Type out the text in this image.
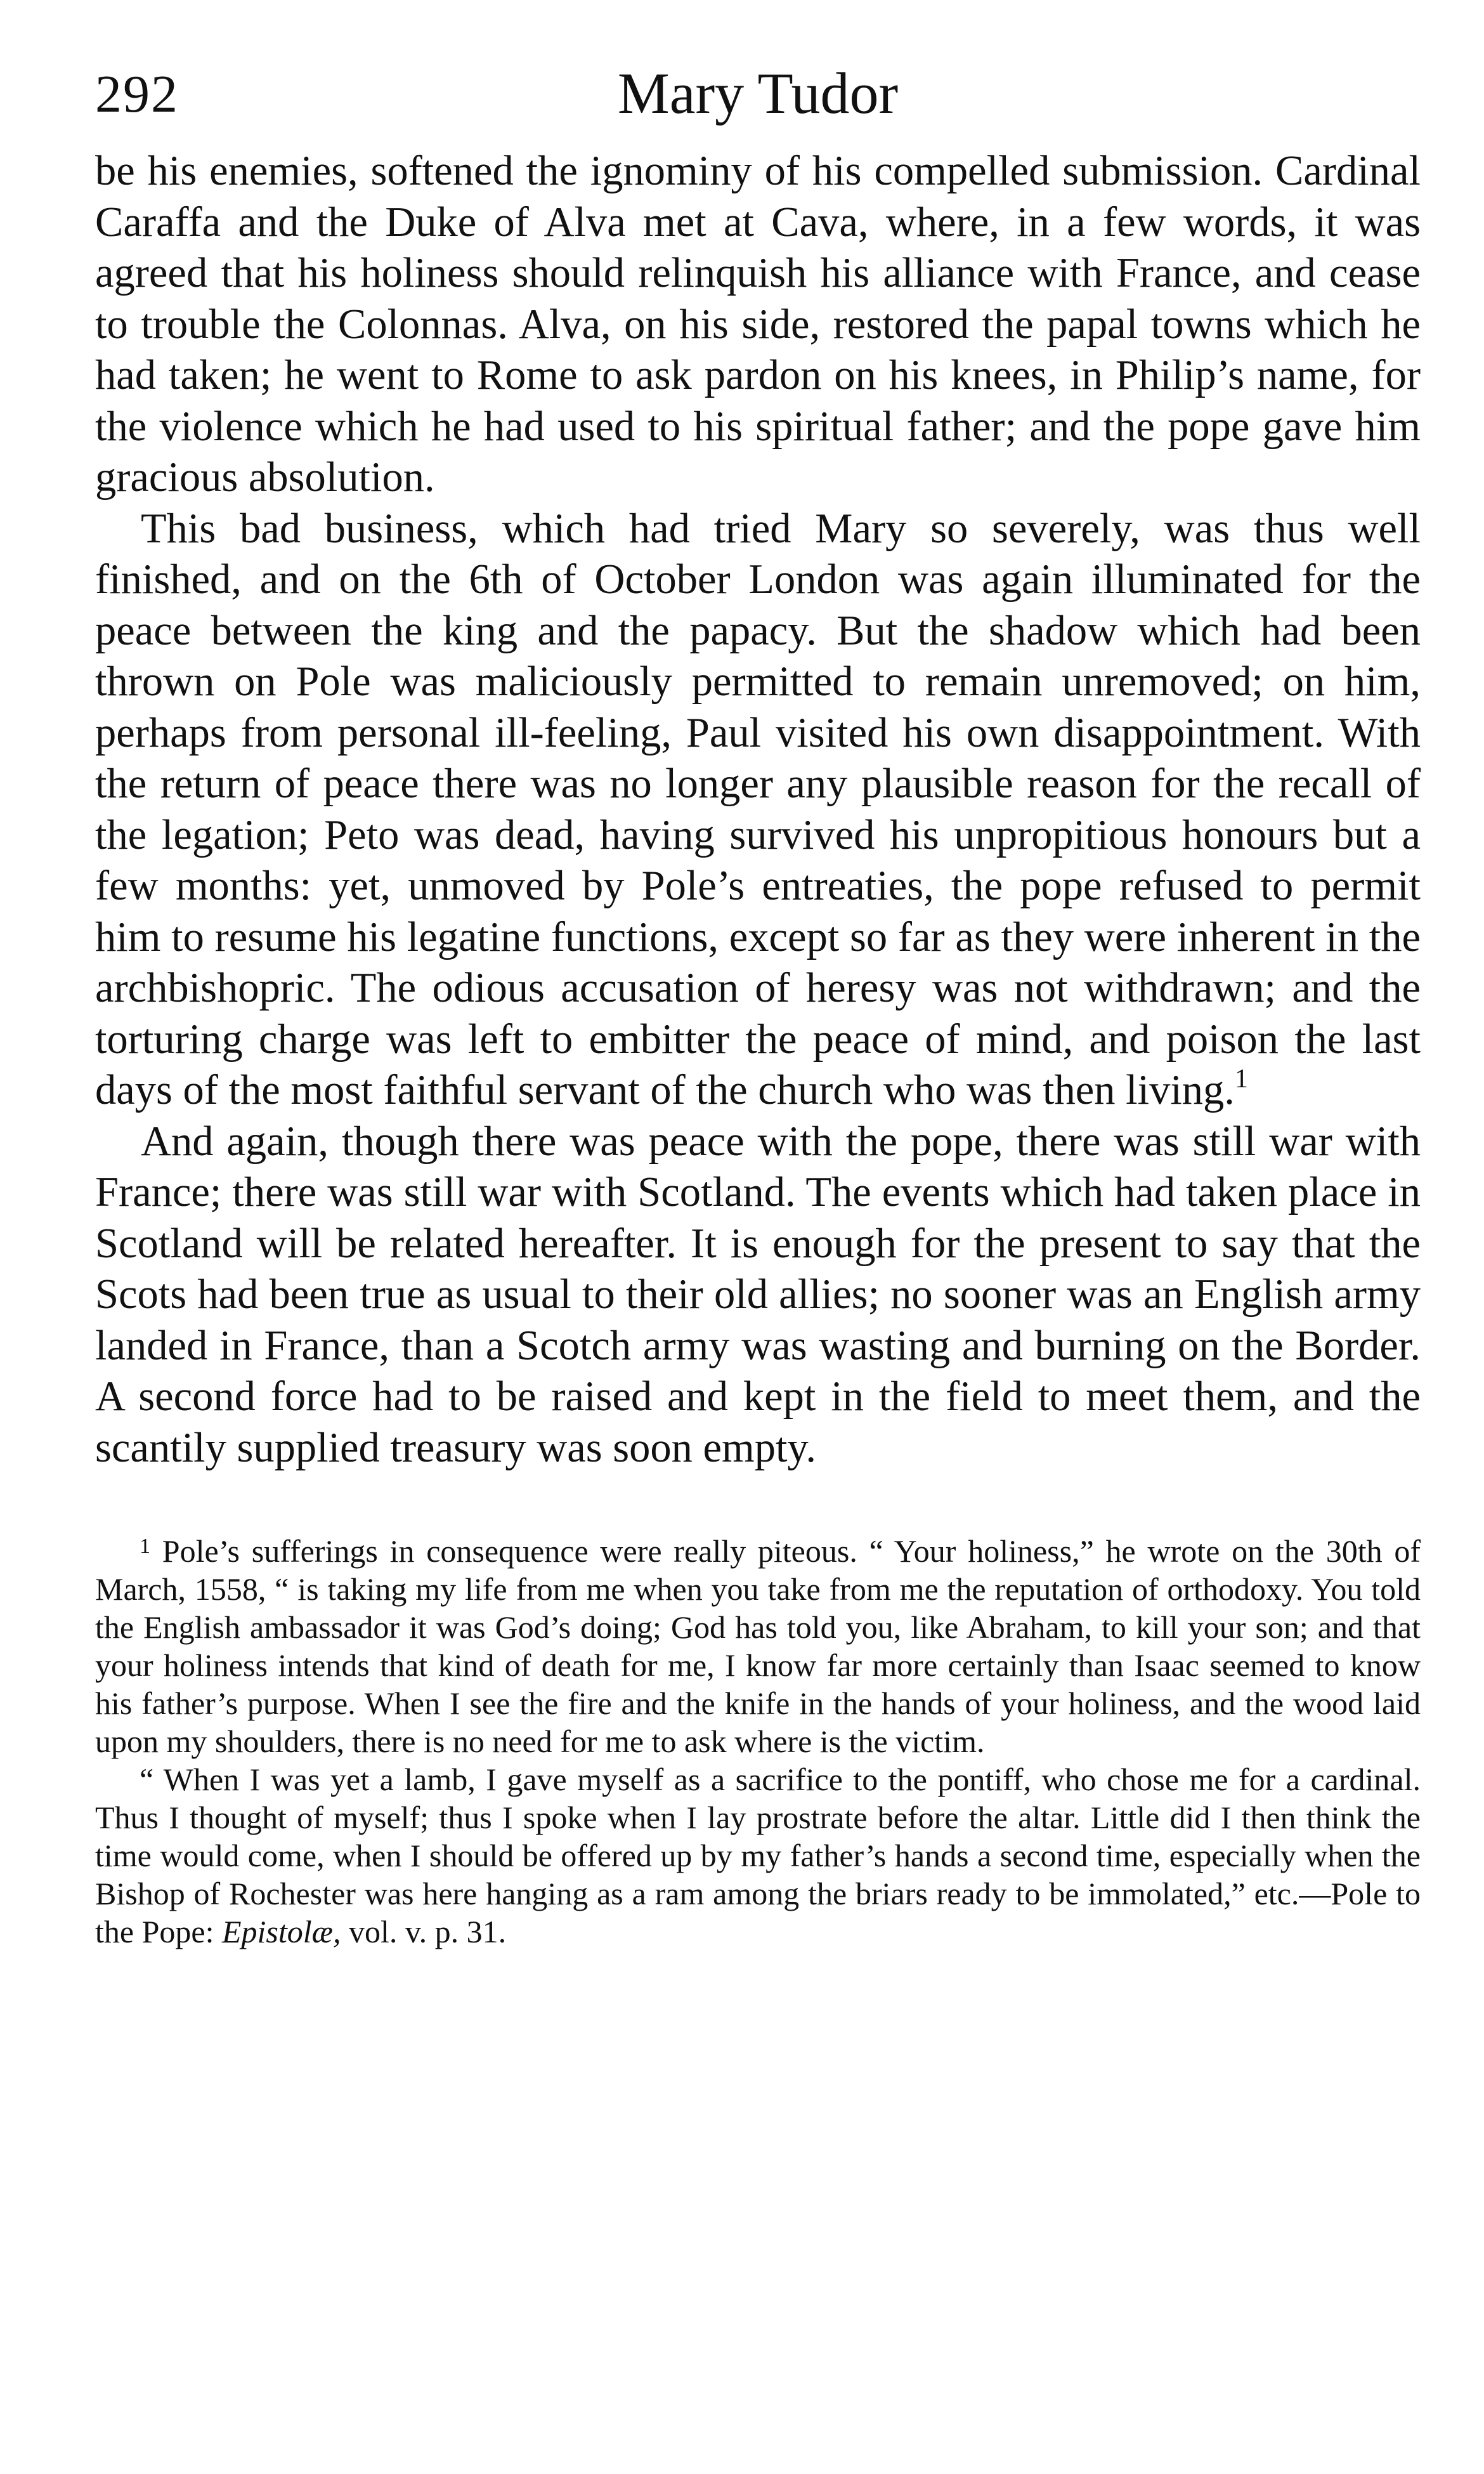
292	Mary Tudor

be his enemies, softened the ignominy of his compelled submission. Cardinal Caraffa and the Duke of Alva met at Cava, where, in a few words, it was agreed that his holiness should relinquish his alliance with France, and cease to trouble the Colonnas. Alva, on his side, restored the papal towns which he had taken; he went to Rome to ask pardon on his knees, in Philip’s name, for the violence which he had used to his spiritual father; and the pope gave him gracious absolution.

This bad business, which had tried Mary so severely, was thus well finished, and on the 6th of October London was again illuminated for the peace between the king and the papacy. But the shadow which had been thrown on Pole was maliciously permitted to remain unremoved; on him, perhaps from personal ill-feeling, Paul visited his own disappointment. With the return of peace there was no longer any plausible reason for the recall of the legation; Peto was dead, having survived his unpropitious honours but a few months: yet, unmoved by Pole’s entreaties, the pope refused to permit him to resume his legatine functions, except so far as they were inherent in the archbishopric. The odious accusation of heresy was not withdrawn; and the torturing charge was left to embitter the peace of mind, and poison the last days of the most faithful servant of the church who was then living.$^1$

And again, though there was peace with the pope, there was still war with France; there was still war with Scotland. The events which had taken place in Scotland will be related hereafter. It is enough for the present to say that the Scots had been true as usual to their old allies; no sooner was an English army landed in France, than a Scotch army was wasting and burning on the Border. A second force had to be raised and kept in the field to meet them, and the scantily supplied treasury was soon empty.

$^1$ Pole’s sufferings in consequence were really piteous. “ Your holiness,” he wrote on the 30th of March, 1558, “ is taking my life from me when you take from me the reputation of orthodoxy. You told the English ambassador it was God’s doing; God has told you, like Abraham, to kill your son; and that your holiness intends that kind of death for me, I know far more certainly than Isaac seemed to know his father’s purpose. When I see the fire and the knife in the hands of your holiness, and the wood laid upon my shoulders, there is no need for me to ask where is the victim.

“ When I was yet a lamb, I gave myself as a sacrifice to the pontiff, who chose me for a cardinal. Thus I thought of myself; thus I spoke when I lay prostrate before the altar. Little did I then think the time would come, when I should be offered up by my father’s hands a second time, especially when the Bishop of Rochester was here hanging as a ram among the briars ready to be immolated,” etc.—Pole to the Pope: Epistolæ, vol. v. p. 31.
